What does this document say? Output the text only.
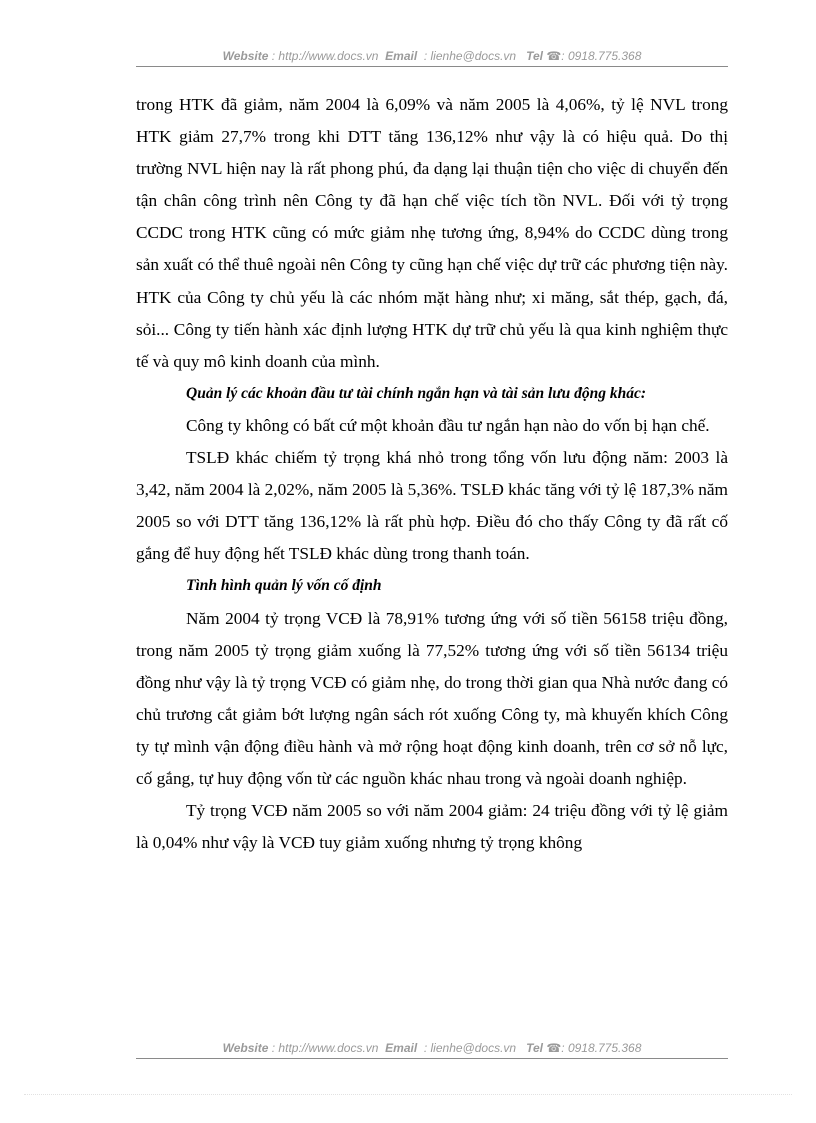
Website : http://www.docs.vn Email : lienhe@docs.vn Tel ☎: 0918.775.368

trong HTK đã giảm, năm 2004 là 6,09% và năm 2005 là 4,06%, tỷ lệ NVL trong HTK giảm 27,7% trong khi DTT tăng 136,12% như vậy là có hiệu quả. Do thị trường NVL hiện nay là rất phong phú, đa dạng lại thuận tiện cho việc di chuyển đến tận chân công trình nên Công ty đã hạn chế việc tích tồn NVL. Đối với tỷ trọng CCDC trong HTK cũng có mức giảm nhẹ tương ứng, 8,94% do CCDC dùng trong sản xuất có thể thuê ngoài nên Công ty cũng hạn chế việc dự trữ các phương tiện này. HTK của Công ty chủ yếu là các nhóm mặt hàng như; xi măng, sắt thép, gạch, đá, sỏi... Công ty tiến hành xác định lượng HTK dự trữ chủ yếu là qua kinh nghiệm thực tế và quy mô kinh doanh của mình.

Quản lý các khoản đầu tư tài chính ngắn hạn và tài sản lưu động khác:

Công ty không có bất cứ một khoản đầu tư ngắn hạn nào do vốn bị hạn chế.

TSLĐ khác chiếm tỷ trọng khá nhỏ trong tổng vốn lưu động năm: 2003 là 3,42, năm 2004 là 2,02%, năm 2005 là 5,36%. TSLĐ khác tăng với tỷ lệ 187,3% năm 2005 so với DTT tăng 136,12% là rất phù hợp. Điều đó cho thấy Công ty đã rất cố gắng để huy động hết TSLĐ khác dùng trong thanh toán.

Tình hình quản lý vốn cố định

Năm 2004 tỷ trọng VCĐ là 78,91% tương ứng với số tiền 56158 triệu đồng, trong năm 2005 tỷ trọng giảm xuống là 77,52% tương ứng với số tiền 56134 triệu đồng như vậy là tỷ trọng VCĐ có giảm nhẹ, do trong thời gian qua Nhà nước đang có chủ trương cắt giảm bớt lượng ngân sách rót xuống Công ty, mà khuyến khích Công ty tự mình vận động điều hành và mở rộng hoạt động kinh doanh, trên cơ sở nỗ lực, cố gắng, tự huy động vốn từ các nguồn khác nhau trong và ngoài doanh nghiệp.

Tỷ trọng VCĐ năm 2005 so với năm 2004 giảm: 24 triệu đồng với tỷ lệ giảm là 0,04% như vậy là VCĐ tuy giảm xuống nhưng tỷ trọng không

Website : http://www.docs.vn Email : lienhe@docs.vn Tel ☎: 0918.775.368
